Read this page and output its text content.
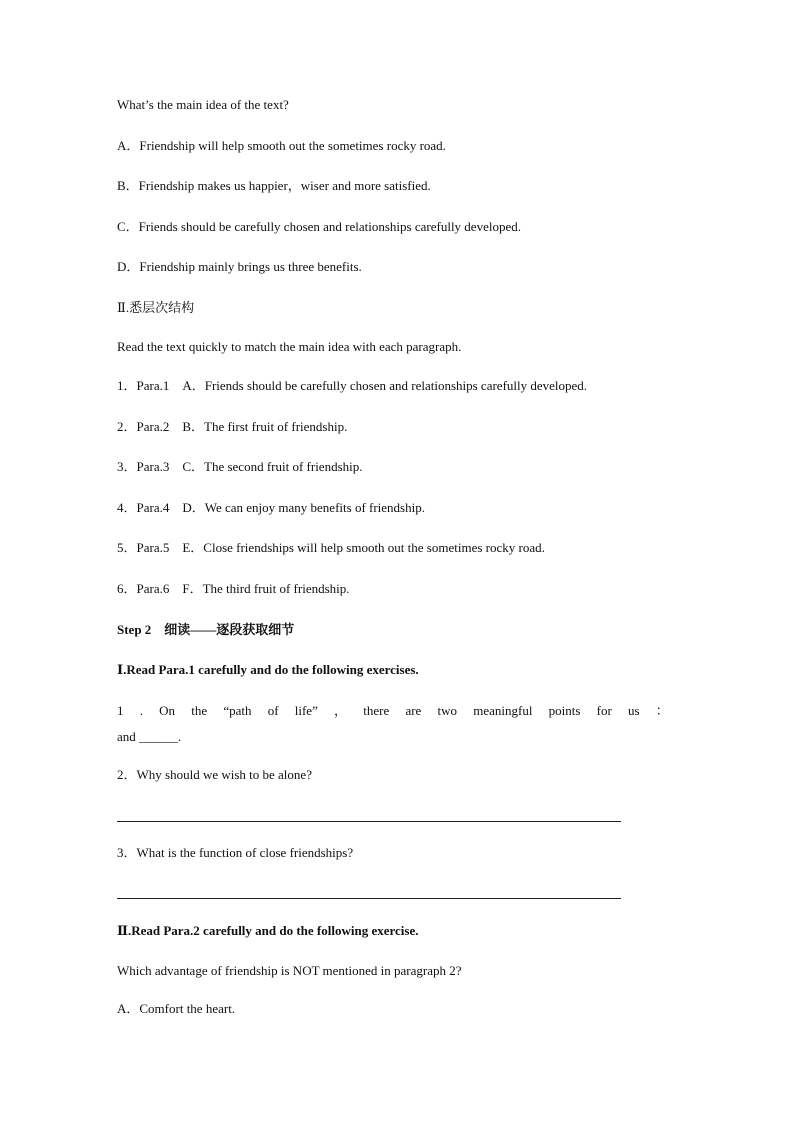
What’s the main idea of the text?
A．Friendship will help smooth out the sometimes rocky road.
B．Friendship makes us happier，wiser and more satisfied.
C．Friends should be carefully chosen and relationships carefully developed.
D．Friendship mainly brings us three benefits.
Ⅱ.悉层次结构
Read the text quickly to match the main idea with each paragraph.
1．Para.1　A．Friends should be carefully chosen and relationships carefully developed.
2．Para.2　B．The first fruit of friendship.
3．Para.3　C．The second fruit of friendship.
4．Para.4　D．We can enjoy many benefits of friendship.
5．Para.5　E．Close friendships will help smooth out the sometimes rocky road.
6．Para.6　F．The third fruit of friendship.
Step 2　细读——逐段获取细节
Ⅰ.Read Para.1 carefully and do the following exercises.
1 . On the “path of life” ， there are two meaningful points for us ：
and ______.
2．Why should we wish to be alone?
3．What is the function of close friendships?
Ⅱ.Read Para.2 carefully and do the following exercise.
Which advantage of friendship is NOT mentioned in paragraph 2?
A．Comfort the heart.
